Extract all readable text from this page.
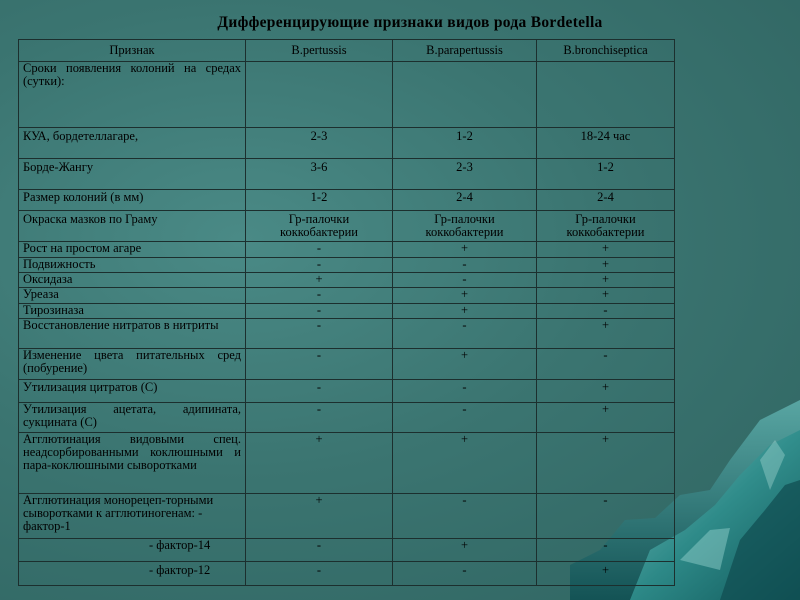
Дифференцирующие признаки видов рода Bordetella
Признак	B.pertussis	B.parapertussis	B.bronchiseptica
Сроки появления колоний на средах (сутки):			
КУА, бордетеллагаре,	2-3	1-2	18-24 час
Борде-Жангу	3-6	2-3	1-2
Размер колоний (в мм)	1-2	2-4	2-4
Окраска мазков по Граму	Гр-палочки коккобактерии	Гр-палочки коккобактерии	Гр-палочки коккобактерии
Рост на простом агаре	-	+	+
Подвижность	-	-	+
Оксидаза	+	-	+
Уреаза	-	+	+
Тирозиназа	-	+	-
Восстановление нитратов в нитриты	-	-	+
Изменение цвета питательных сред (побурение)	-	+	-
Утилизация цитратов (С)	-	-	+
Утилизация ацетата, адипината, сукцината (С)	-	-	+
Агглютинация видовыми спец. неадсорбированными коклюшными и пара-коклюшными сыворотками	+	+	+
Агглютинация монорецеп-торными сыворотками к агглютиногенам: - фактор-1	+	-	-
- фактор-14	-	+	-
- фактор-12	-	-	+
